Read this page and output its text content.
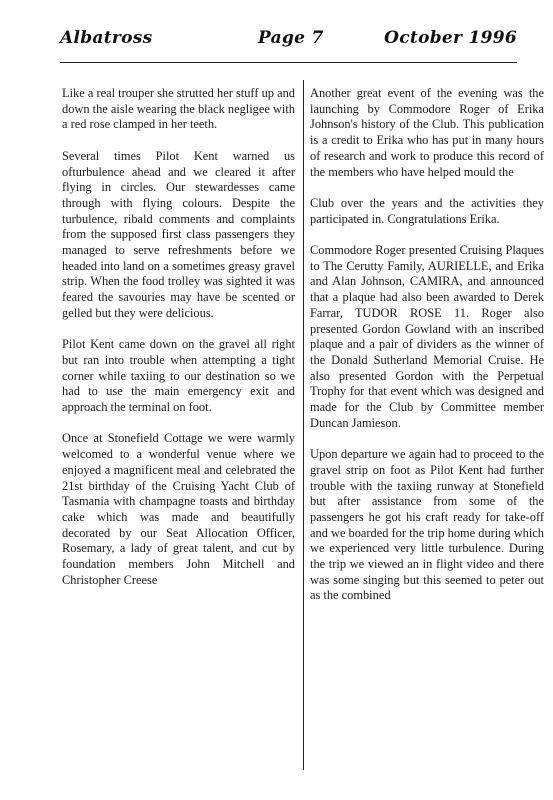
Albatross	Page 7	October 1996

Like a real trouper she strutted her stuff up and down the aisle wearing the black negligee with a red rose clamped in her teeth.

Several times Pilot Kent warned us ofturbulence ahead and we cleared it after flying in circles. Our stewardesses came through with flying colours. Despite the turbulence, ribald comments and complaints from the supposed first class passengers they managed to serve refreshments before we headed into land on a sometimes greasy gravel strip. When the food trolley was sighted it was feared the savouries may have be scented or gelled but they were delicious.

Pilot Kent came down on the gravel all right but ran into trouble when attempting a tight corner while taxiing to our destination so we had to use the main emergency exit and approach the terminal on foot.

Once at Stonefield Cottage we were warmly welcomed to a wonderful venue where we enjoyed a magnificent meal and celebrated the 21st birthday of the Cruising Yacht Club of Tasmania with champagne toasts and birthday cake which was made and beautifully decorated by our Seat Allocation Officer, Rosemary, a lady of great talent, and cut by foundation members John Mitchell and Christopher Creese

Another great event of the evening was the launching by Commodore Roger of Erika Johnson's history of the Club. This publication is a credit to Erika who has put in many hours of research and work to produce this record of the members who have helped mould the

Club over the years and the activities they participated in. Congratulations Erika.

Commodore Roger presented Cruising Plaques to The Cerutty Family, AURIELLE, and Erika and Alan Johnson, CAMIRA, and announced that a plaque had also been awarded to Derek Farrar, TUDOR ROSE 11. Roger also presented Gordon Gowland with an inscribed plaque and a pair of dividers as the winner of the Donald Sutherland Memorial Cruise. He also presented Gordon with the Perpetual Trophy for that event which was designed and made for the Club by Committee member Duncan Jamieson.

Upon departure we again had to proceed to the gravel strip on foot as Pilot Kent had further trouble with the taxiing runway at Stonefield but after assistance from some of the passengers he got his craft ready for take-off and we boarded for the trip home during which we experienced very little turbulence. During the trip we viewed an in flight video and there was some singing but this seemed to peter out as the combined
